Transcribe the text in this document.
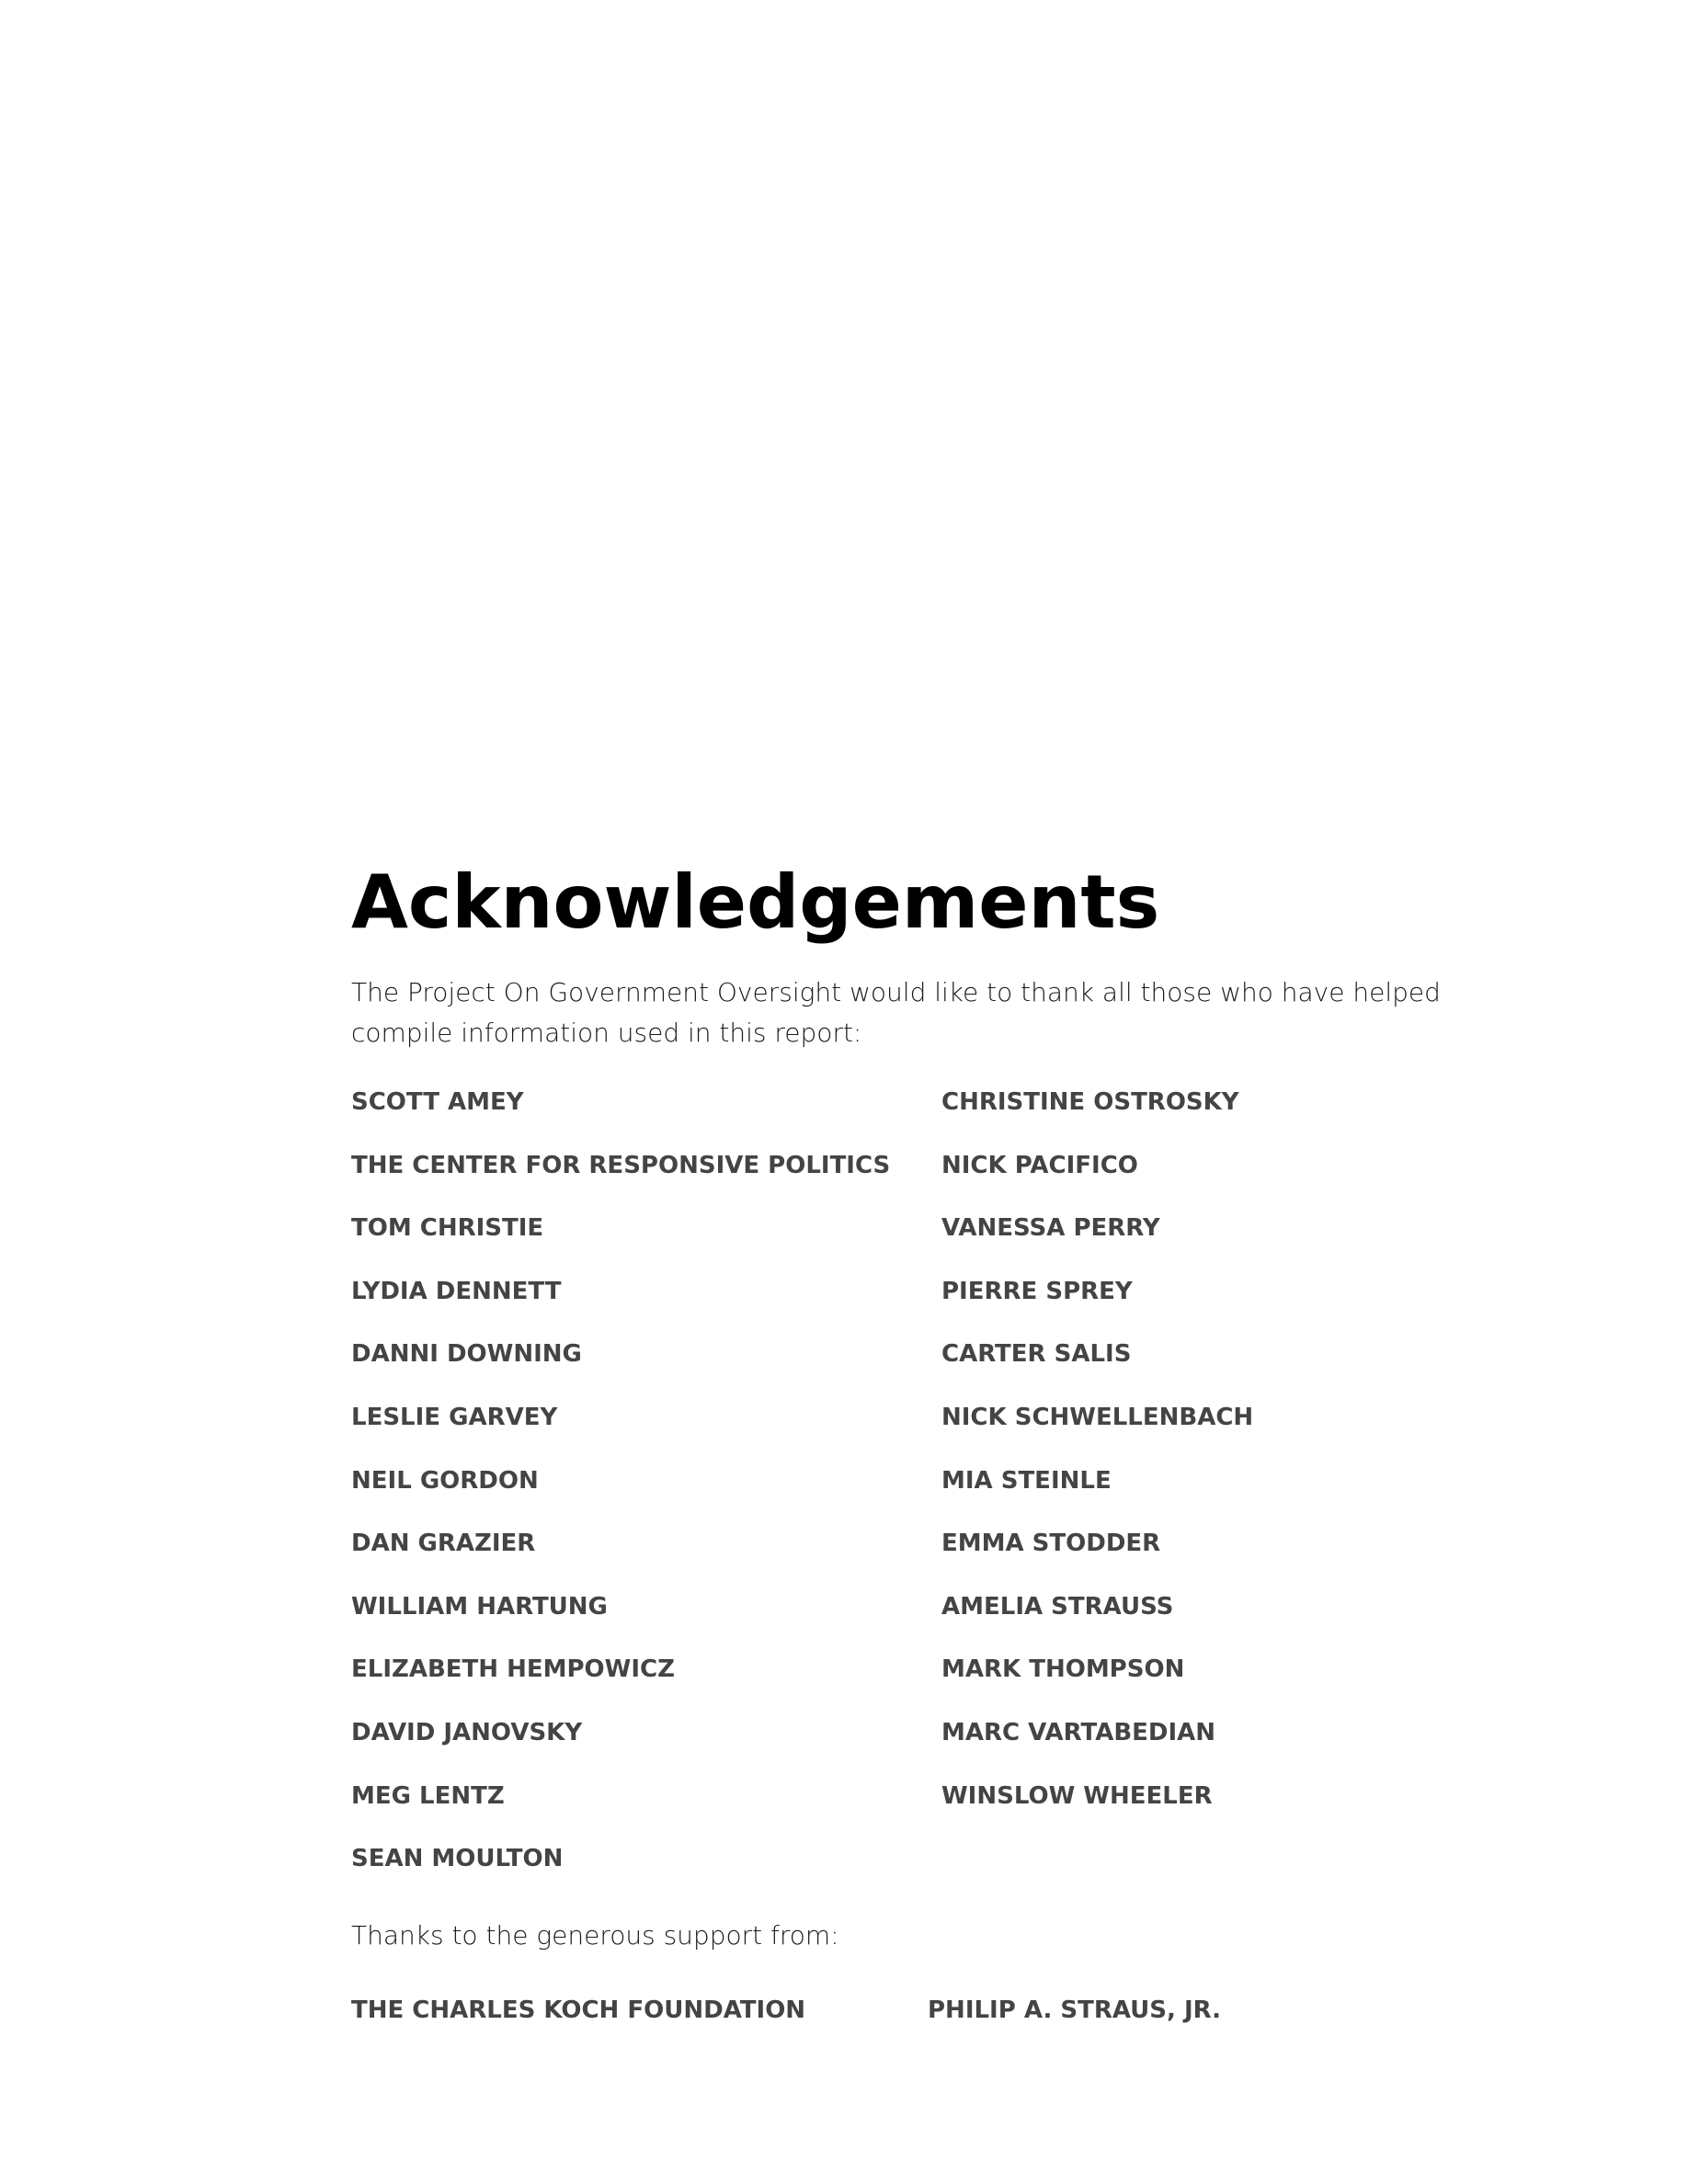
Acknowledgements

The Project On Government Oversight would like to thank all those who have helped compile information used in this report:

SCOTT AMEY
THE CENTER FOR RESPONSIVE POLITICS
TOM CHRISTIE
LYDIA DENNETT
DANNI DOWNING
LESLIE GARVEY
NEIL GORDON
DAN GRAZIER
WILLIAM HARTUNG
ELIZABETH HEMPOWICZ
DAVID JANOVSKY
MEG LENTZ
SEAN MOULTON
CHRISTINE OSTROSKY
NICK PACIFICO
VANESSA PERRY
PIERRE SPREY
CARTER SALIS
NICK SCHWELLENBACH
MIA STEINLE
EMMA STODDER
AMELIA STRAUSS
MARK THOMPSON
MARC VARTABEDIAN
WINSLOW WHEELER

Thanks to the generous support from:

THE CHARLES KOCH FOUNDATION	PHILIP A. STRAUS, JR.
